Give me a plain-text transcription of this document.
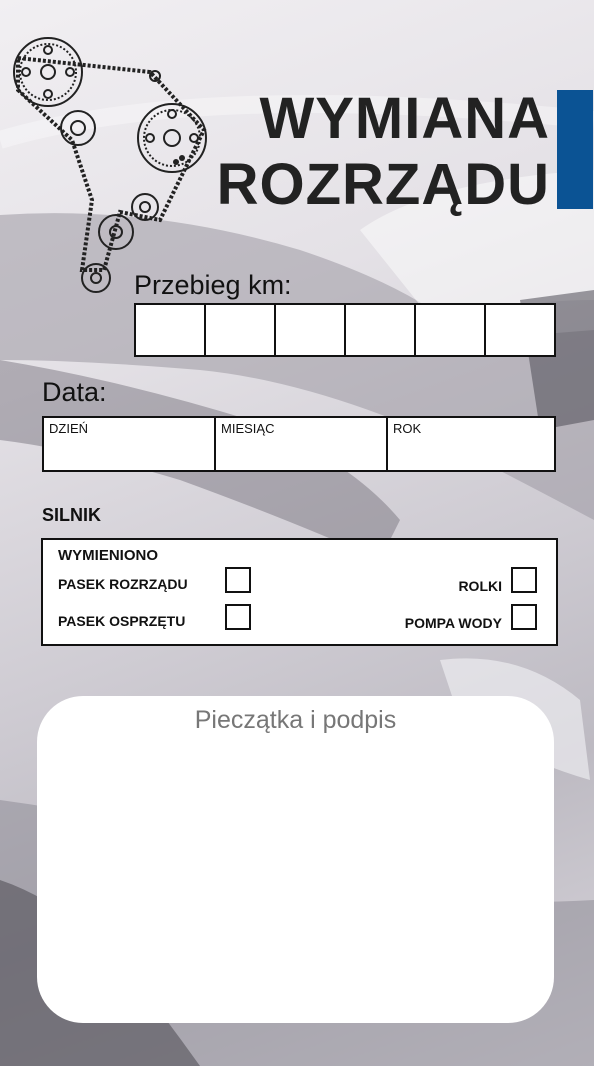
WYMIANA
ROZRZĄDU
Przebieg km:
Data:
DZIEŃ	MIESIĄC	ROK
SILNIK
WYMIENIONO
PASEK ROZRZĄDU
PASEK OSPRZĘTU
ROLKI
POMPA WODY
Pieczątka i podpis
